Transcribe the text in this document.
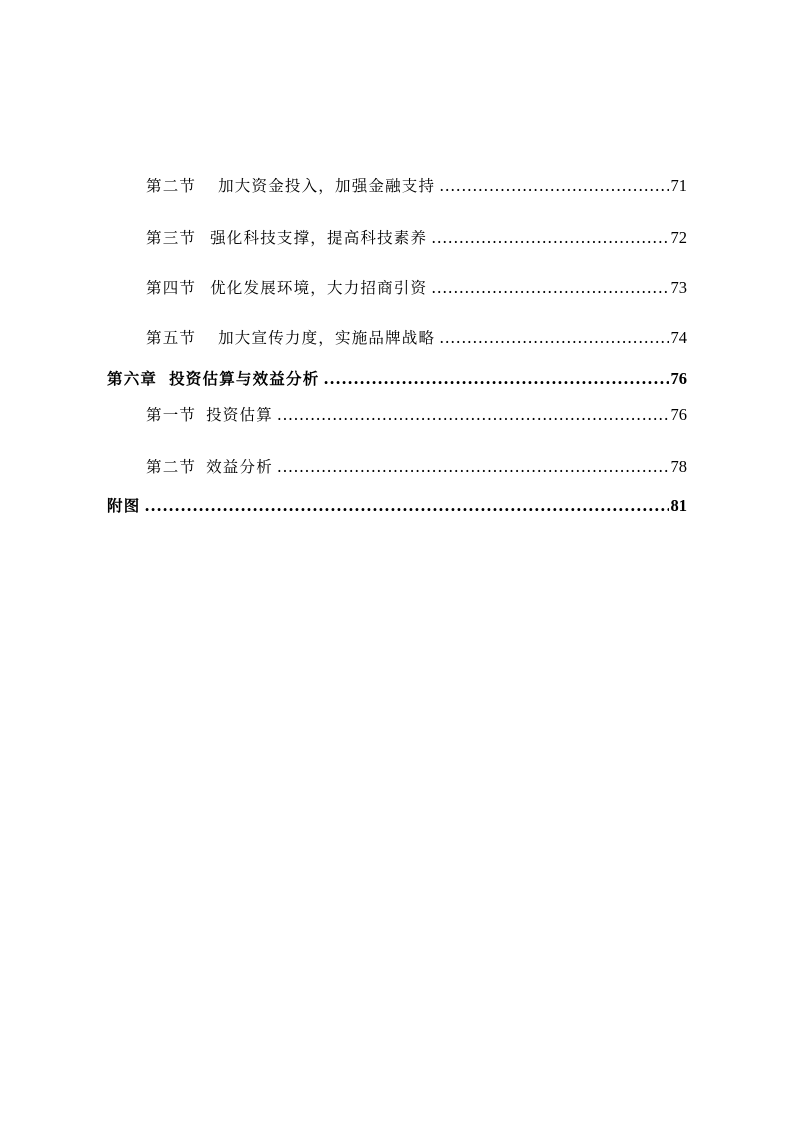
第二节 加大资金投入，加强金融支持 .....	71
第三节 强化科技支撑，提高科技素养 .....	72
第四节 优化发展环境，大力招商引资 .....	73
第五节 加大宣传力度，实施品牌战略 .....	74
第六章 投资估算与效益分析 .....	76
第一节 投资估算 .....	76
第二节 效益分析 .....	78
附图 .....	81
